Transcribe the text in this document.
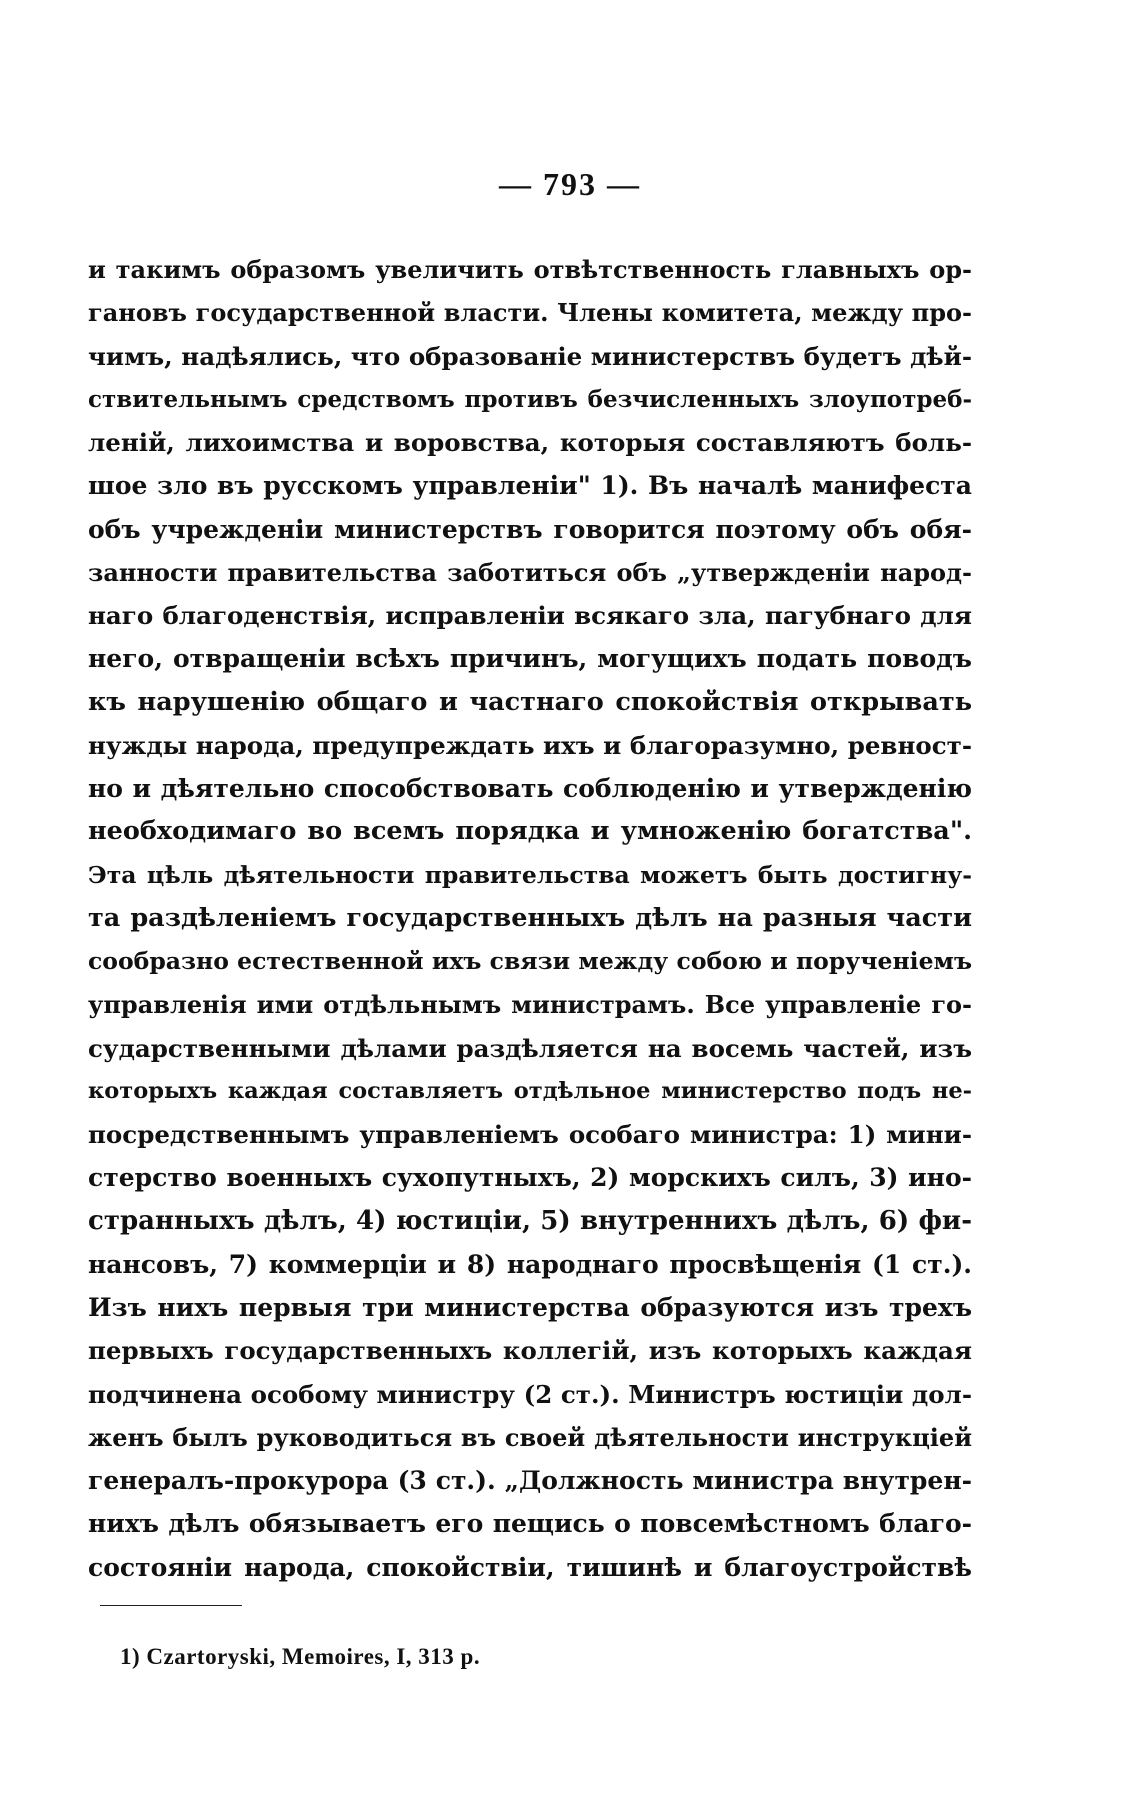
— 793 —
и такимъ образомъ увеличить отвѣтственность главныхъ ор-
гановъ государственной власти. Члены комитета, между про-
чимъ, надѣялись, что образованіе министерствъ будетъ дѣй-
ствительнымъ средствомъ противъ безчисленныхъ злоупотреб-
леній, лихоимства и воровства, которыя составляютъ боль-
шое зло въ русскомъ управленіи" 1). Въ началѣ манифеста
объ учрежденіи министерствъ говорится поэтому объ обя-
занности правительства заботиться объ „утвержденіи народ-
наго благоденствія, исправленіи всякаго зла, пагубнаго для
него, отвращеніи всѣхъ причинъ, могущихъ подать поводъ
къ нарушенію общаго и частнаго спокойствія открывать
нужды народа, предупреждать ихъ и благоразумно, ревност-
но и дѣятельно способствовать соблюденію и утвержденію
необходимаго во всемъ порядка и умноженію богатства".
Эта цѣль дѣятельности правительства можетъ быть достигну-
та раздѣленіемъ государственныхъ дѣлъ на разныя части
сообразно естественной ихъ связи между собою и порученіемъ
управленія ими отдѣльнымъ министрамъ. Все управленіе го-
сударственными дѣлами раздѣляется на восемь частей, изъ
которыхъ каждая составляетъ отдѣльное министерство подъ не-
посредственнымъ управленіемъ особаго министра: 1) мини-
стерство военныхъ сухопутныхъ, 2) морскихъ силъ, 3) ино-
странныхъ дѣлъ, 4) юстиціи, 5) внутреннихъ дѣлъ, 6) фи-
нансовъ, 7) коммерціи и 8) народнаго просвѣщенія (1 ст.).
Изъ нихъ первыя три министерства образуются изъ трехъ
первыхъ государственныхъ коллегій, изъ которыхъ каждая
подчинена особому министру (2 ст.). Министръ юстиціи дол-
женъ былъ руководиться въ своей дѣятельности инструкціей
генералъ-прокурора (3 ст.). „Должность министра внутрен-
нихъ дѣлъ обязываетъ его пещись о повсемѣстномъ благо-
состояніи народа, спокойствіи, тишинѣ и благоустройствѣ
1) Czartoryski, Memoires, I, 313 p.
